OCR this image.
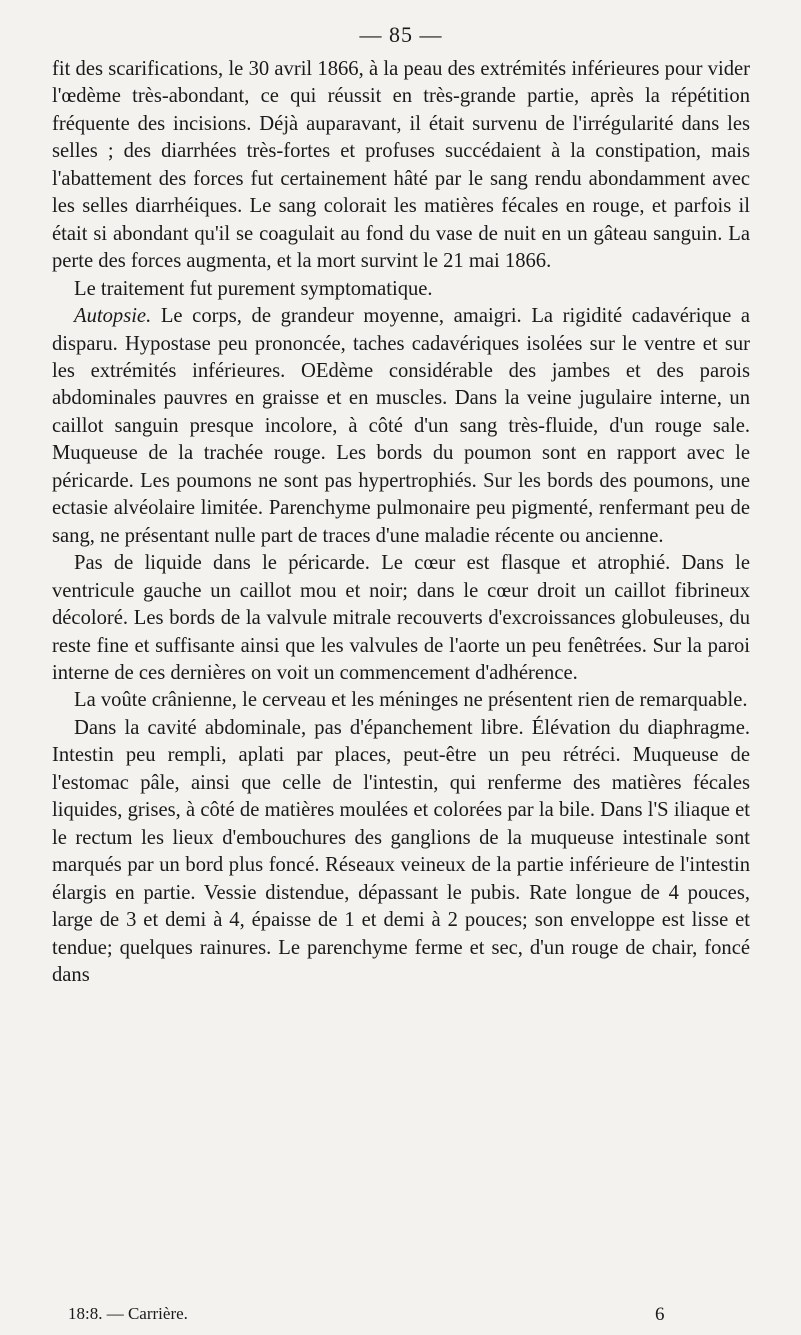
— 85 —

fit des scarifications, le 30 avril 1866, à la peau des extrémités inférieures pour vider l'œdème très-abondant, ce qui réussit en très-grande partie, après la répétition fréquente des incisions. Déjà auparavant, il était survenu de l'irrégularité dans les selles ; des diarrhées très-fortes et profuses succédaient à la constipation, mais l'abattement des forces fut certainement hâté par le sang rendu abondamment avec les selles diarrhéiques. Le sang colorait les matières fécales en rouge, et parfois il était si abondant qu'il se coagulait au fond du vase de nuit en un gâteau sanguin. La perte des forces augmenta, et la mort survint le 21 mai 1866.

Le traitement fut purement symptomatique.

Autopsie. Le corps, de grandeur moyenne, amaigri. La rigidité cadavérique a disparu. Hypostase peu prononcée, taches cadavériques isolées sur le ventre et sur les extrémités inférieures. OEdème considérable des jambes et des parois abdominales pauvres en graisse et en muscles. Dans la veine jugulaire interne, un caillot sanguin presque incolore, à côté d'un sang très-fluide, d'un rouge sale. Muqueuse de la trachée rouge. Les bords du poumon sont en rapport avec le péricarde. Les poumons ne sont pas hypertrophiés. Sur les bords des poumons, une ectasie alvéolaire limitée. Parenchyme pulmonaire peu pigmenté, renfermant peu de sang, ne présentant nulle part de traces d'une maladie récente ou ancienne.

Pas de liquide dans le péricarde. Le cœur est flasque et atrophié. Dans le ventricule gauche un caillot mou et noir; dans le cœur droit un caillot fibrineux décoloré. Les bords de la valvule mitrale recouverts d'excroissances globuleuses, du reste fine et suffisante ainsi que les valvules de l'aorte un peu fenêtrées. Sur la paroi interne de ces dernières on voit un commencement d'adhérence.

La voûte crânienne, le cerveau et les méninges ne présentent rien de remarquable.

Dans la cavité abdominale, pas d'épanchement libre. Élévation du diaphragme. Intestin peu rempli, aplati par places, peut-être un peu rétréci. Muqueuse de l'estomac pâle, ainsi que celle de l'intestin, qui renferme des matières fécales liquides, grises, à côté de matières moulées et colorées par la bile. Dans l'S iliaque et le rectum les lieux d'embouchures des ganglions de la muqueuse intestinale sont marqués par un bord plus foncé. Réseaux veineux de la partie inférieure de l'intestin élargis en partie. Vessie distendue, dépassant le pubis. Rate longue de 4 pouces, large de 3 et demi à 4, épaisse de 1 et demi à 2 pouces; son enveloppe est lisse et tendue; quelques rainures. Le parenchyme ferme et sec, d'un rouge de chair, foncé dans

18:8. — Carrière.	6
